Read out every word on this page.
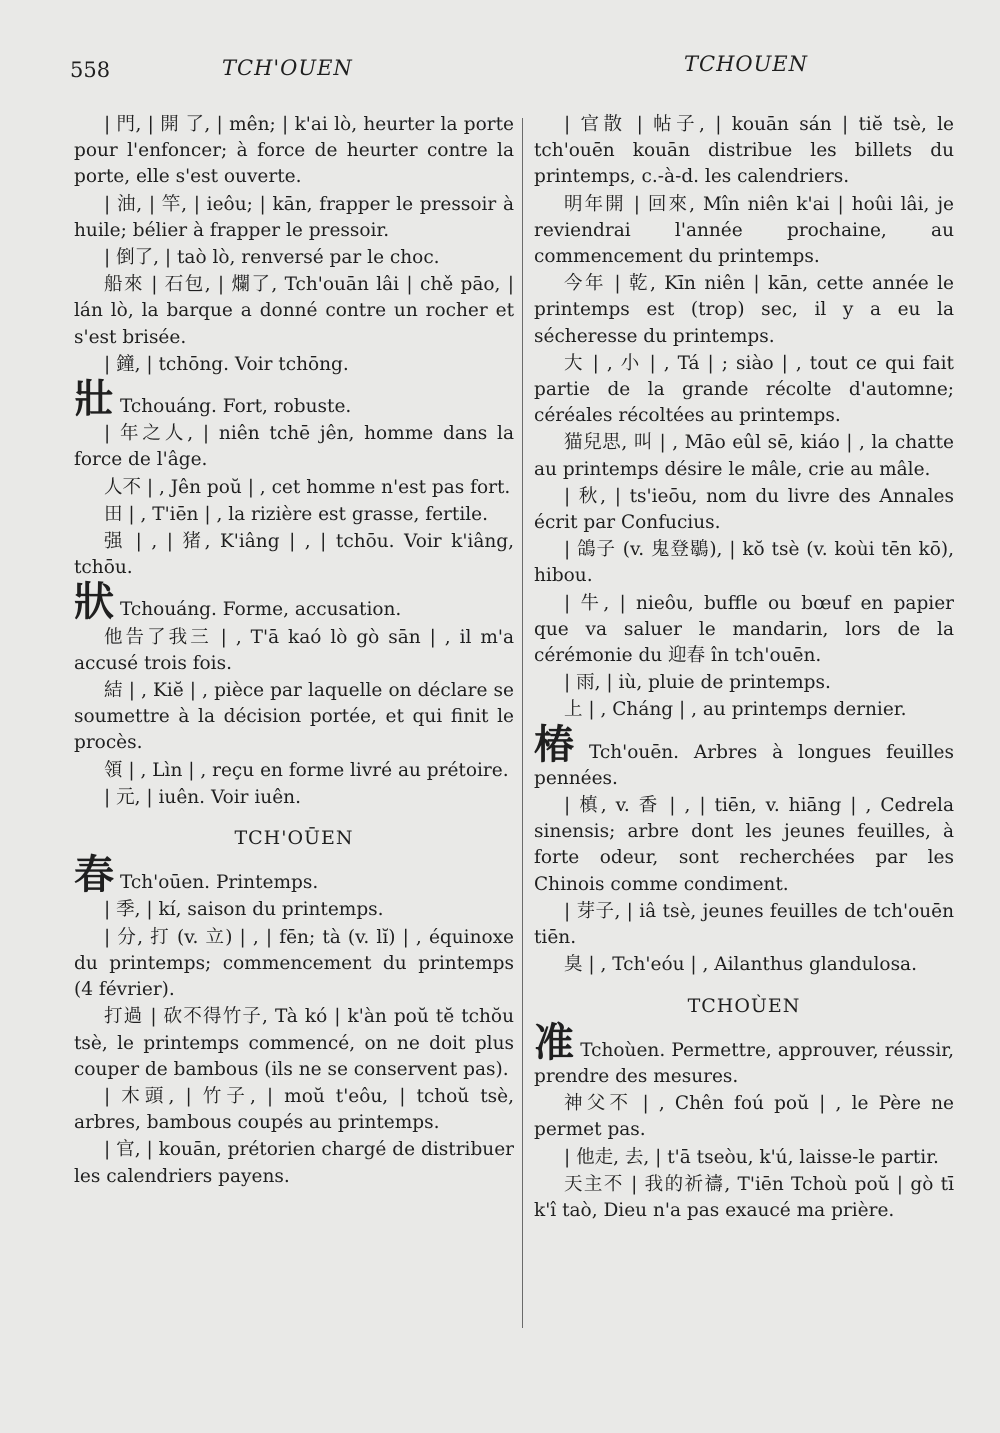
558	TCH'OUEN	TCHOUEN

| 門, | 開 了, | mên; | k'ai lò, heurter la porte pour l'enfoncer; à force de heurter contre la porte, elle s'est ouverte.

| 油, | 竿, | ieôu; | kān, frapper le pressoir à huile; bélier à frapper le pressoir.

| 倒了, | taò lò, renversé par le choc.

船來 | 石包, | 爛了, Tch'ouān lâi | chě pāo, | lán lò, la barque a donné contre un rocher et s'est brisée.

| 鐘, | tchōng. Voir tchōng.

壯 Tchouáng. Fort, robuste.

| 年之人, | niên tchē jên, homme dans la force de l'âge.

人不 | , Jên poŭ | , cet homme n'est pas fort.

田 | , T'iēn | , la rizière est grasse, fertile.

强 | , | 猪, K'iâng | , | tchōu. Voir k'iâng, tchōu.

狀 Tchouáng. Forme, accusation.

他告了我三 | , T'ā kaó lò gò sān | , il m'a accusé trois fois.

結 | , Kiĕ | , pièce par laquelle on déclare se soumettre à la décision portée, et qui finit le procès.

領 | , Lìn | , reçu en forme livré au prétoire.

| 元, | iuên. Voir iuên.

TCH'OŪEN

春 Tch'oūen. Printemps.

| 季, | kí, saison du printemps.

| 分, 打 (v. 立) | , | fēn; tà (v. lĭ) | , équinoxe du printemps; commencement du printemps (4 février).

打過 | 砍不得竹子, Tà kó | k'àn poŭ tĕ tchŏu tsè, le printemps commencé, on ne doit plus couper de bambous (ils ne se conservent pas).

| 木頭, | 竹子, | moŭ t'eôu, | tchoŭ tsè, arbres, bambous coupés au printemps.

| 官, | kouān, prétorien chargé de distribuer les calendriers payens.

| 官散 | 帖子, | kouān sán | tiĕ tsè, le tch'ouēn kouān distribue les billets du printemps, c.-à-d. les calendriers.

明年開 | 回來, Mîn niên k'ai | hoûi lâi, je reviendrai l'année prochaine, au commencement du printemps.

今年 | 乾, Kīn niên | kān, cette année le printemps est (trop) sec, il y a eu la sécheresse du printemps.

大 | , 小 | , Tá | ; siào | , tout ce qui fait partie de la grande récolte d'automne; céréales récoltées au printemps.

猫兒思, 叫 | , Māo eûl sē, kiáo | , la chatte au printemps désire le mâle, crie au mâle.

| 秋, | ts'ieōu, nom du livre des Annales écrit par Confucius.

| 鴿子 (v. 鬼登鶡), | kŏ tsè (v. koùi tēn kō), hibou.

| 牛, | nieôu, buffle ou bœuf en papier que va saluer le mandarin, lors de la cérémonie du 迎春 în tch'ouēn.

| 雨, | iù, pluie de printemps.

上 | , Cháng | , au printemps dernier.

椿 Tch'ouēn. Arbres à longues feuilles pennées.

| 槙, v. 香 | , | tiēn, v. hiāng | , Cedrela sinensis; arbre dont les jeunes feuilles, à forte odeur, sont recherchées par les Chinois comme condiment.

| 芽子, | iâ tsè, jeunes feuilles de tch'ouēn tiēn.

臭 | , Tch'eóu | , Ailanthus glandulosa.

TCHOÙEN

准 Tchoùen. Permettre, approuver, réussir, prendre des mesures.

神父不 | , Chên foú poŭ | , le Père ne permet pas.

| 他走, 去, | t'ā tseòu, k'ú, laisse-le partir.

天主不 | 我的祈禱, T'iēn Tchoù poŭ | gò tī k'î taò, Dieu n'a pas exaucé ma prière.
